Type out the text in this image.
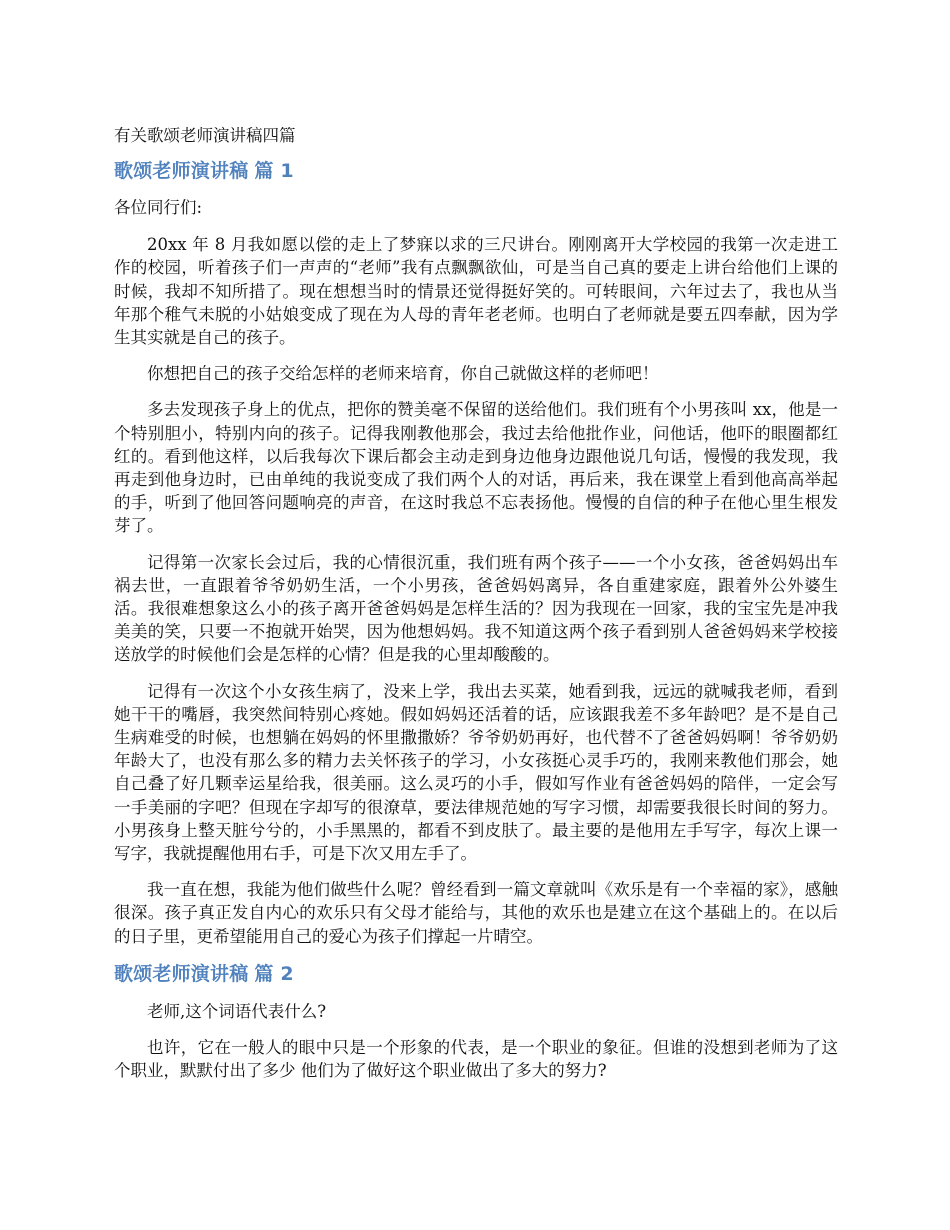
有关歌颂老师演讲稿四篇

歌颂老师演讲稿 篇 1

各位同行们:

20xx 年 8 月我如愿以偿的走上了梦寐以求的三尺讲台。刚刚离开大学校园的我第一次走进工作的校园，听着孩子们一声声的“老师”我有点飘飘欲仙，可是当自己真的要走上讲台给他们上课的时候，我却不知所措了。现在想想当时的情景还觉得挺好笑的。可转眼间，六年过去了，我也从当年那个稚气未脱的小姑娘变成了现在为人母的青年老老师。也明白了老师就是要五四奉献，因为学生其实就是自己的孩子。

你想把自己的孩子交给怎样的老师来培育，你自己就做这样的老师吧！

多去发现孩子身上的优点，把你的赞美毫不保留的送给他们。我们班有个小男孩叫 xx，他是一个特别胆小，特别内向的孩子。记得我刚教他那会，我过去给他批作业，问他话，他吓的眼圈都红红的。看到他这样，以后我每次下课后都会主动走到身边他身边跟他说几句话，慢慢的我发现，我再走到他身边时，已由单纯的我说变成了我们两个人的对话，再后来，我在课堂上看到他高高举起的手，听到了他回答问题响亮的声音，在这时我总不忘表扬他。慢慢的自信的种子在他心里生根发芽了。

记得第一次家长会过后，我的心情很沉重，我们班有两个孩子——一个小女孩，爸爸妈妈出车祸去世，一直跟着爷爷奶奶生活，一个小男孩，爸爸妈妈离异，各自重建家庭，跟着外公外婆生活。我很难想象这么小的孩子离开爸爸妈妈是怎样生活的？因为我现在一回家，我的宝宝先是冲我美美的笑，只要一不抱就开始哭，因为他想妈妈。我不知道这两个孩子看到别人爸爸妈妈来学校接送放学的时候他们会是怎样的心情？但是我的心里却酸酸的。

记得有一次这个小女孩生病了，没来上学，我出去买菜，她看到我，远远的就喊我老师，看到她干干的嘴唇，我突然间特别心疼她。假如妈妈还活着的话，应该跟我差不多年龄吧？是不是自己生病难受的时候，也想躺在妈妈的怀里撒撒娇？爷爷奶奶再好，也代替不了爸爸妈妈啊！爷爷奶奶年龄大了，也没有那么多的精力去关怀孩子的学习，小女孩挺心灵手巧的，我刚来教他们那会，她自己叠了好几颗幸运星给我，很美丽。这么灵巧的小手，假如写作业有爸爸妈妈的陪伴，一定会写一手美丽的字吧？但现在字却写的很潦草，要法律规范她的写字习惯，却需要我很长时间的努力。小男孩身上整天脏兮兮的，小手黑黑的，都看不到皮肤了。最主要的是他用左手写字，每次上课一写字，我就提醒他用右手，可是下次又用左手了。

我一直在想，我能为他们做些什么呢？曾经看到一篇文章就叫《欢乐是有一个幸福的家》，感触很深。孩子真正发自内心的欢乐只有父母才能给与，其他的欢乐也是建立在这个基础上的。在以后的日子里，更希望能用自己的爱心为孩子们撑起一片晴空。

歌颂老师演讲稿 篇 2

老师,这个词语代表什么?

也许，它在一般人的眼中只是一个形象的代表，是一个职业的象征。但谁的没想到老师为了这个职业，默默付出了多少 他们为了做好这个职业做出了多大的努力?
